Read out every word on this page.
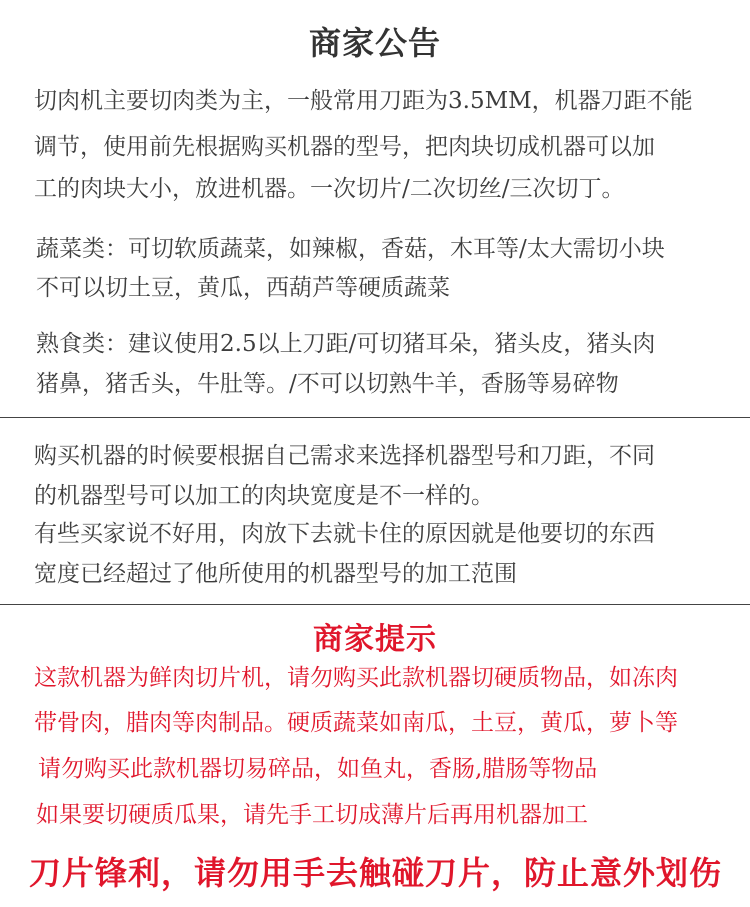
商家公告
切肉机主要切肉类为主，一般常用刀距为3.5MM，机器刀距不能
调节，使用前先根据购买机器的型号，把肉块切成机器可以加
工的肉块大小，放进机器。一次切片/二次切丝/三次切丁。
蔬菜类：可切软质蔬菜，如辣椒，香菇，木耳等/太大需切小块
不可以切土豆，黄瓜，西葫芦等硬质蔬菜
熟食类：建议使用2.5以上刀距/可切猪耳朵，猪头皮，猪头肉
猪鼻，猪舌头，牛肚等。/不可以切熟牛羊，香肠等易碎物
购买机器的时候要根据自己需求来选择机器型号和刀距，不同
的机器型号可以加工的肉块宽度是不一样的。
有些买家说不好用，肉放下去就卡住的原因就是他要切的东西
宽度已经超过了他所使用的机器型号的加工范围
商家提示
这款机器为鲜肉切片机，请勿购买此款机器切硬质物品，如冻肉
带骨肉，腊肉等肉制品。硬质蔬菜如南瓜，土豆，黄瓜，萝卜等
请勿购买此款机器切易碎品，如鱼丸，香肠,腊肠等物品
如果要切硬质瓜果，请先手工切成薄片后再用机器加工
刀片锋利，请勿用手去触碰刀片，防止意外划伤
